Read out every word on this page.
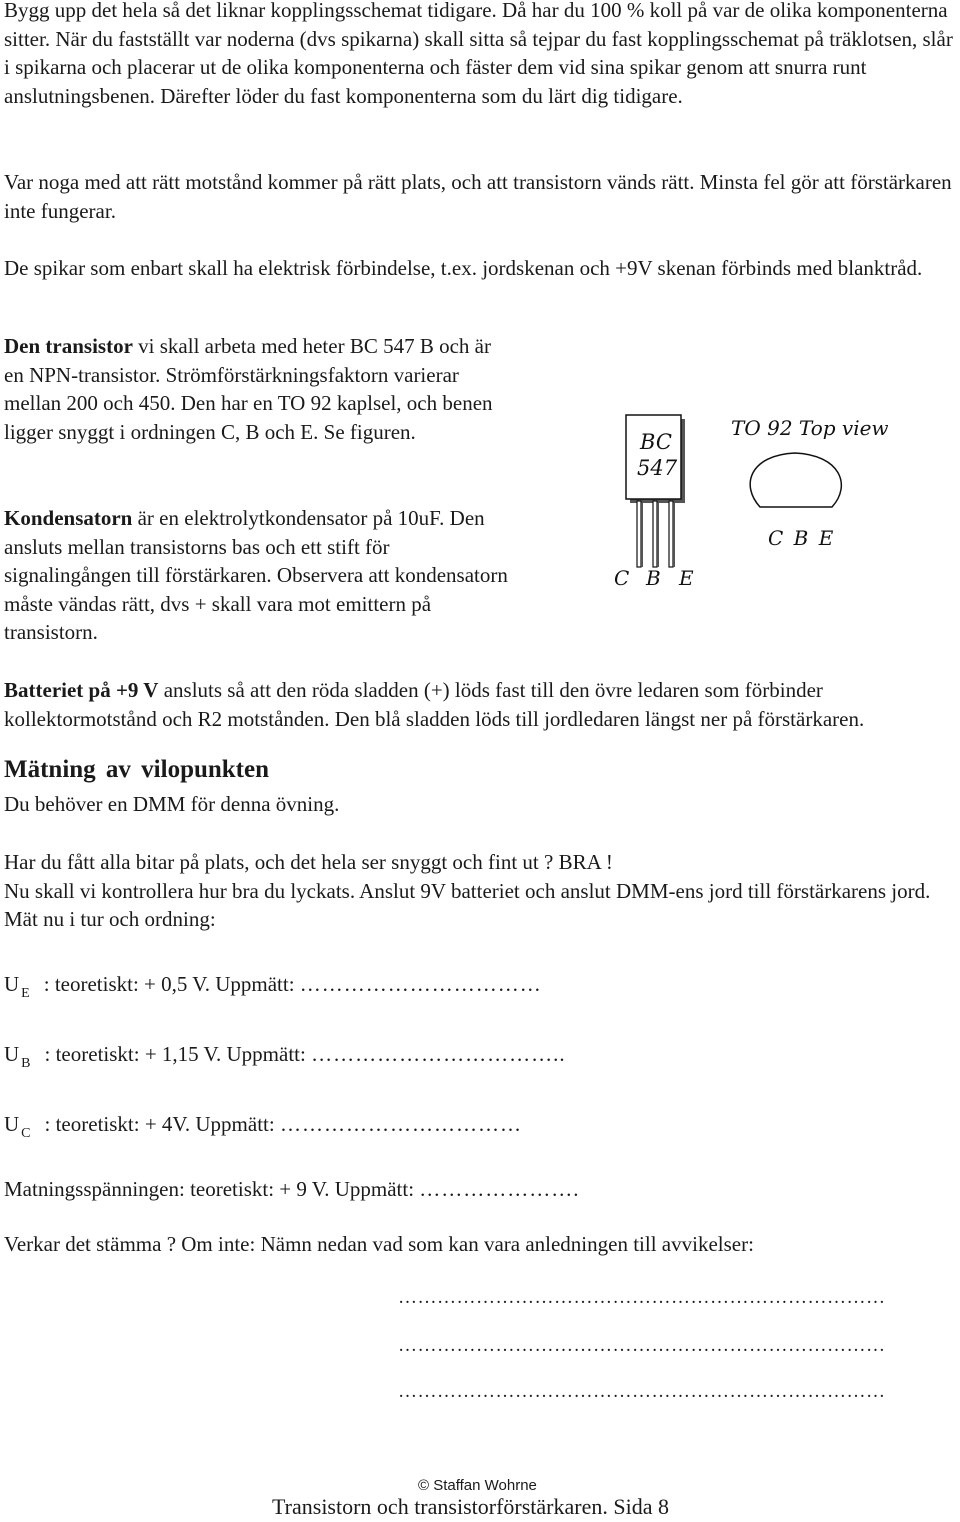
Bygg upp det hela så det liknar kopplingsschemat tidigare. Då har du 100 % koll på var de olika komponenterna sitter. När du fastställt var noderna (dvs spikarna) skall sitta så tejpar du fast kopplingsschemat på träklotsen, slår i spikarna och placerar ut de olika komponenterna och fäster dem vid sina spikar genom att snurra runt anslutningsbenen. Därefter löder du fast komponenterna som du lärt dig tidigare.

Var noga med att rätt motstånd kommer på rätt plats, och att transistorn vänds rätt. Minsta fel gör att förstärkaren inte fungerar.

De spikar som enbart skall ha elektrisk förbindelse, t.ex. jordskenan och +9V skenan förbinds med blanktråd.

Den transistor vi skall arbeta med heter BC 547 B och är en NPN-transistor. Strömförstärkningsfaktorn varierar mellan 200 och 450. Den har en TO 92 kaplsel, och benen ligger snyggt i ordningen C, B och E. Se figuren.

Kondensatorn är en elektrolytkondensator på 10uF. Den ansluts mellan transistorns bas och ett stift för signalingången till förstärkaren. Observera att kondensatorn måste vändas rätt, dvs + skall vara mot emittern på transistorn.

BC
547
C B E
TO 92 Top view
C B E

Batteriet på +9 V ansluts så att den röda sladden (+) löds fast till den övre ledaren som förbinder kollektormotstånd och R2 motstånden. Den blå sladden löds till jordledaren längst ner på förstärkaren.

Mätning av vilopunkten

Du behöver en DMM för denna övning.

Har du fått alla bitar på plats, och det hela ser snyggt och fint ut ? BRA !

Nu skall vi kontrollera hur bra du lyckats. Anslut 9V batteriet och anslut DMM-ens jord till förstärkarens jord. Mät nu i tur och ordning:

U $_E$ : teoretiskt: + 0,5 V. Uppmätt: ……………………………

U $_B$ : teoretiskt: + 1,15 V. Uppmätt: ……………………………..

U $_C$ : teoretiskt: + 4V. Uppmätt: ……………………………

Matningsspänningen: teoretiskt: + 9 V. Uppmätt: ………………….

Verkar det stämma ? Om inte: Nämn nedan vad som kan vara anledningen till avvikelser:

…………………………………………………………………
…………………………………………………………………
…………………………………………………………………
© Staffan Wohrne
Transistorn och transistorförstärkaren. Sida 8
